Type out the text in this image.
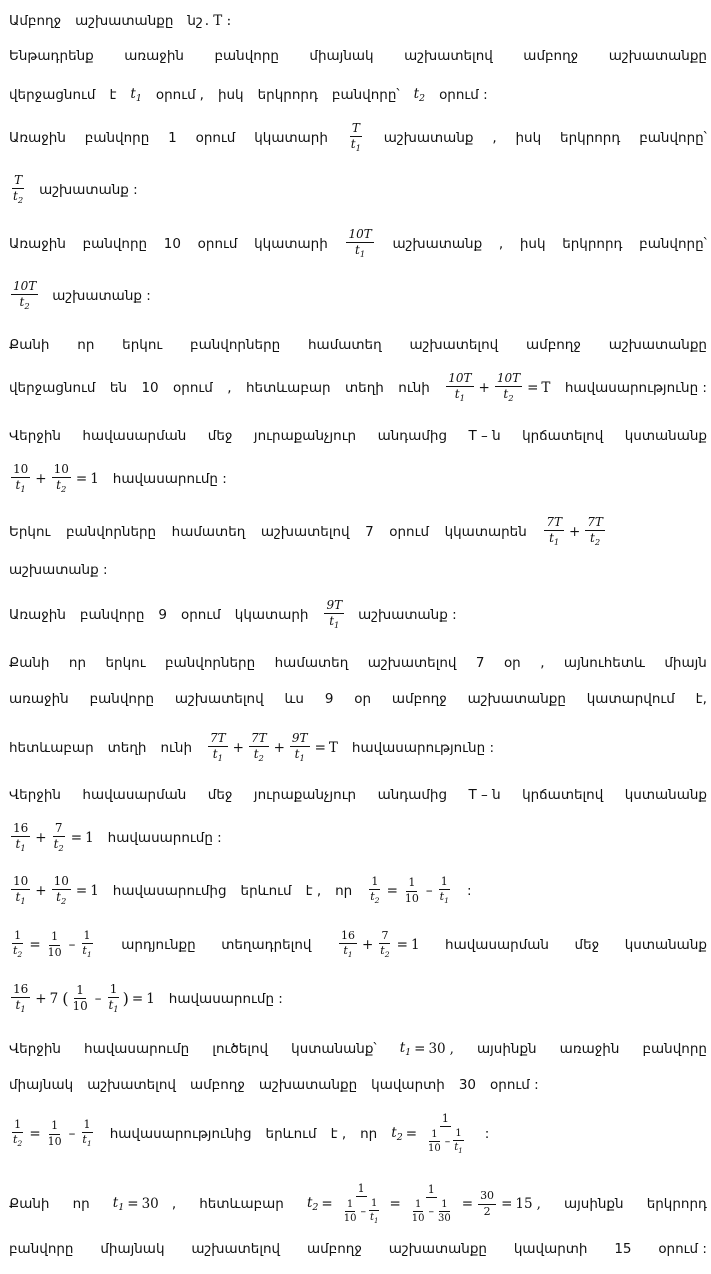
Ամբողջ աշխատանքը նշ . T :
Ենթադրենք առաջին բանվորը միայնակ աշխատելով ամբողջ աշխատանքը
վերջացնում է $t_1$ օրում , իսկ երկրորդ բանվորը՝ $t_2$ օրում :
Առաջին բանվորը 1 օրում կկատարի $\frac{T}{t_1}$ աշխատանք , իսկ երկրորդ բանվորը՝
$\frac{T}{t_2}$ աշխատանք :
Առաջին բանվորը 10 օրում կկատարի $\frac{10T}{t_1}$ աշխատանք , իսկ երկրորդ բանվորը՝
$\frac{10T}{t_2}$ աշխատանք :
Քանի որ երկու բանվորները համատեղ աշխատելով ամբողջ աշխատանքը
վերջացնում են 10 օրում , հետևաբար տեղի ունի $\frac{10T}{t_1} + \frac{10T}{t_2} = T$ հավասարությունը :
Վերջին հավասարման մեջ յուրաքանչյուր անդամից T – ն կրճատելով կստանանք
$\frac{10}{t_1} + \frac{10}{t_2} = 1$ հավասարումը :
Երկու բանվորները համատեղ աշխատելով 7 օրում կկատարեն $\frac{7T}{t_1} + \frac{7T}{t_2}$
աշխատանք :
Առաջին բանվորը 9 օրում կկատարի $\frac{9T}{t_1}$ աշխատանք :
Քանի որ երկու բանվորները համատեղ աշխատելով 7 օր , այնուհետև միայն
առաջին բանվորը աշխատելով ևս 9 օր ամբողջ աշխատանքը կատարվում է,
հետևաբար տեղի ունի $\frac{7T}{t_1} + \frac{7T}{t_2} + \frac{9T}{t_1} = T$ հավասարությունը :
Վերջին հավասարման մեջ յուրաքանչյուր անդամից T – ն կրճատելով կստանանք
$\frac{16}{t_1} + \frac{7}{t_2} = 1$ հավասարումը :
$\frac{10}{t_1} + \frac{10}{t_2} = 1$ հավասարումից երևում է , որ $\frac{1}{t_2} = \frac{1}{10} - \frac{1}{t_1}$ :
$\frac{1}{t_2} = \frac{1}{10} - \frac{1}{t_1}$ արդյունքը տեղադրելով	$\frac{16}{t_1} + \frac{7}{t_2} = 1$ հավասարման մեջ կստանանք
$\frac{16}{t_1} + 7$ ( $\frac{1}{10} - \frac{1}{t_1}$ ) = 1 հավասարումը :
Վերջին հավասարումը լուծելով կստանանք՝ $t_1 = 30$ , այսինքն առաջին բանվորը
միայնակ աշխատելով ամբողջ աշխատանքը կավարտի 30 օրում :
$\frac{1}{t_2} = \frac{1}{10} - \frac{1}{t_1}$ հավասարությունից երևում է , որ $t_2 = \frac{1}{\frac{1}{10} - \frac{1}{t_1}}$ :
Քանի որ $t_1 = 30$ , հետևաբար $t_2 = \frac{1}{\frac{1}{10} - \frac{1}{t_1}} = \frac{1}{\frac{1}{10} - \frac{1}{30}} = \frac{30}{2} = 15$ , այսինքն երկրորդ
բանվորը միայնակ աշխատելով ամբողջ աշխատանքը կավարտի 15 օրում :
